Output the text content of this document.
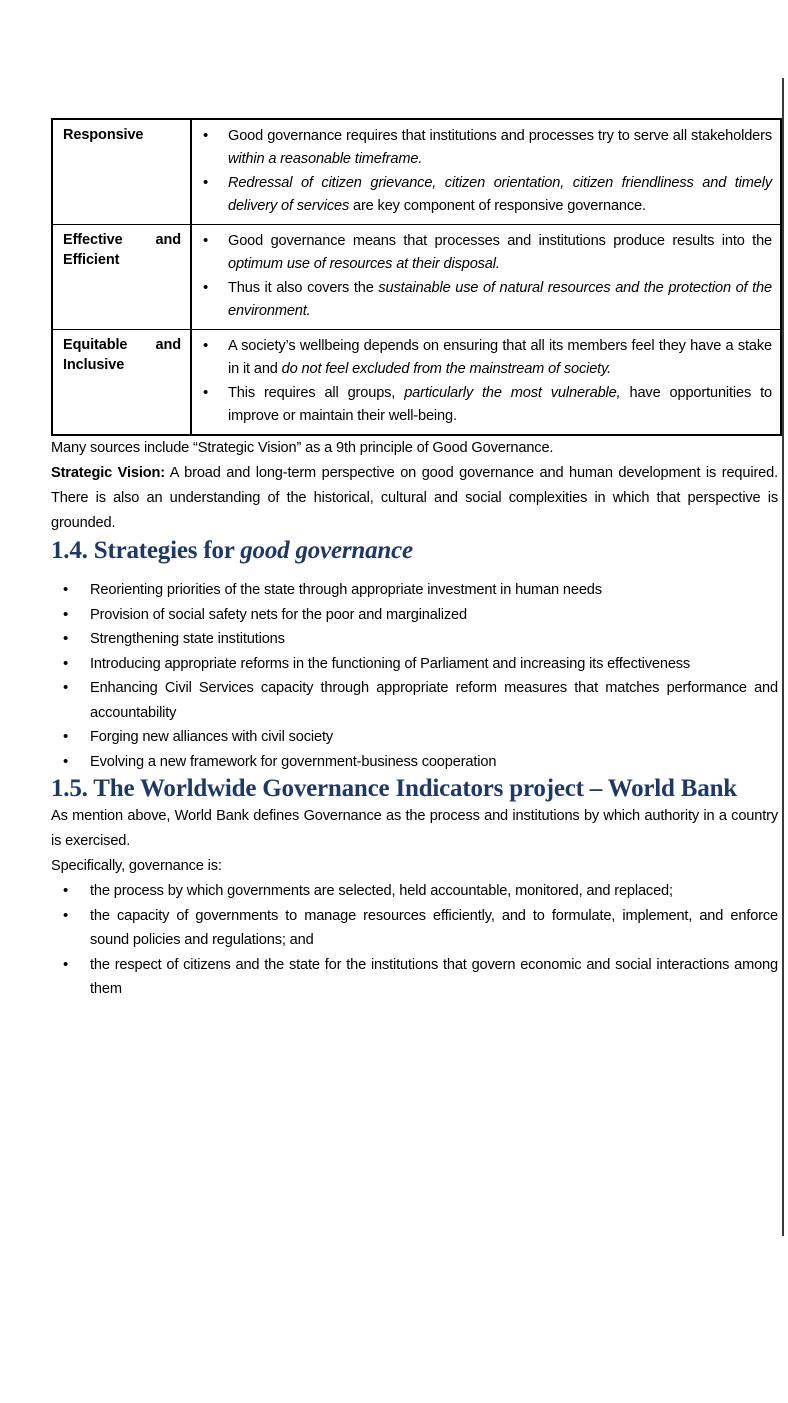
Responsive

•Good governance requires that institutions and processes try to serve all stakeholders within a reasonable timeframe.
• Redressal of citizen grievance, citizen orientation, citizen friendliness and timely delivery of services are key component of responsive governance.

Effective and Efficient

• Good governance means that processes and institutions produce results into the optimum use of resources at their disposal.
• Thus it also covers the sustainable use of natural resources and the protection of the environment.

Equitable and Inclusive

• A society’s wellbeing depends on ensuring that all its members feel they have a stake in it and do not feel excluded from the mainstream of society.
• This requires all groups, particularly the most vulnerable, have opportunities to improve or maintain their well-being.

Many sources include “Strategic Vision” as a 9th principle of Good Governance.

Strategic Vision: A broad and long-term perspective on good governance and human development is required. There is also an understanding of the historical, cultural and social complexities in which that perspective is grounded.

1.4. Strategies for good governance
• Reorienting priorities of the state through appropriate investment in human needs
• Provision of social safety nets for the poor and marginalized
• Strengthening state institutions
• Introducing appropriate reforms in the functioning of Parliament and increasing its effectiveness
• Enhancing Civil Services capacity through appropriate reform measures that matches performance and accountability
• Forging new alliances with civil society
• Evolving a new framework for government-business cooperation
1.5. The Worldwide Governance Indicators project – World Bank

As mention above, World Bank defines Governance as the process and institutions by which authority in a country is exercised.

Specifically, governance is:

• the process by which governments are selected, held accountable, monitored, and replaced;
• the capacity of governments to manage resources efficiently, and to formulate, implement, and enforce sound policies and regulations; and
• the respect of citizens and the state for the institutions that govern economic and social interactions among them
